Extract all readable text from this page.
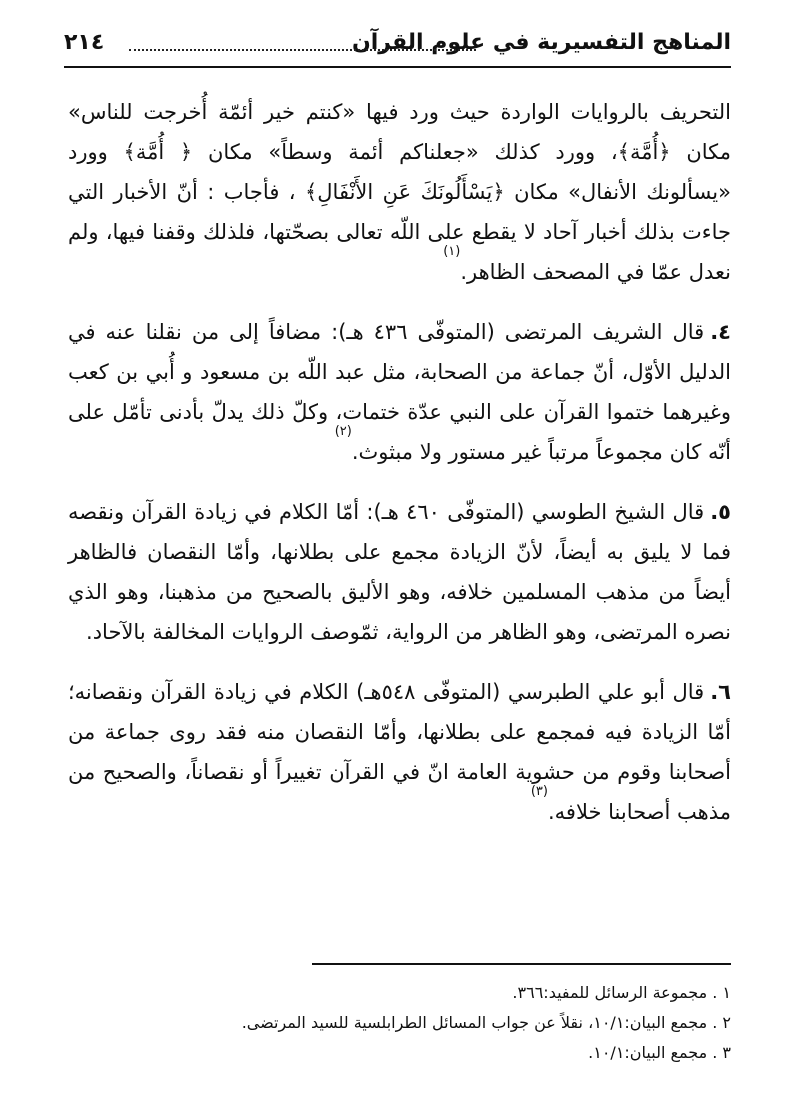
المناهج التفسيرية في علوم القرآن
٢١٤

التحريف بالروايات الواردة حيث ورد فيها «كنتم خير أئمّة أُخرجت للناس» مكان ﴿أُمَّة﴾، وورد كذلك «جعلناكم أئمة وسطاً» مكان ﴿ أُمَّة﴾ وورد «يسألونك الأنفال» مكان ﴿يَسْأَلُونَكَ عَنِ الأَنْفَالِ﴾ ، فأجاب : أنّ الأخبار التي جاءت بذلك أخبار آحاد لا يقطع على اللّه تعالى بصحّتها، فلذلك وقفنا فيها، ولم نعدل عمّا في المصحف الظاهر.$^{(١)}$

٤.قال الشريف المرتضى (المتوفّى ٤٣٦ هـ): مضافاً إلى من نقلنا عنه في الدليل الأوّل، أنّ جماعة من الصحابة، مثل عبد اللّه بن مسعود و أُبي بن كعب وغيرهما ختموا القرآن على النبي عدّة ختمات، وكلّ ذلك يدلّ بأدنى تأمّل على أنّه كان مجموعاً مرتباً غير مستور ولا مبثوث.$^{(٢)}$

٥.قال الشيخ الطوسي (المتوفّى ٤٦٠ هـ): أمّا الكلام في زيادة القرآن ونقصه فما لا يليق به أيضاً، لأنّ الزيادة مجمع على بطلانها، وأمّا النقصان فالظاهر أيضاً من مذهب المسلمين خلافه، وهو الأليق بالصحيح من مذهبنا، وهو الذي نصره المرتضى، وهو الظاهر من الرواية، ثمّوصف الروايات المخالفة بالآحاد.

٦.قال أبو علي الطبرسي (المتوفّى ٥٤٨هـ) الكلام في زيادة القرآن ونقصانه؛ أمّا الزيادة فيه فمجمع على بطلانها، وأمّا النقصان منه فقد روى جماعة من أصحابنا وقوم من حشوية العامة انّ في القرآن تغييراً أو نقصاناً، والصحيح من مذهب أصحابنا خلافه.$^{(٣)}$

١ . مجموعة الرسائل للمفيد:٣٦٦.
٢ . مجمع البيان:١٠/١، نقلاً عن جواب المسائل الطرابلسية للسيد المرتضى.
٣ . مجمع البيان:١٠/١.
